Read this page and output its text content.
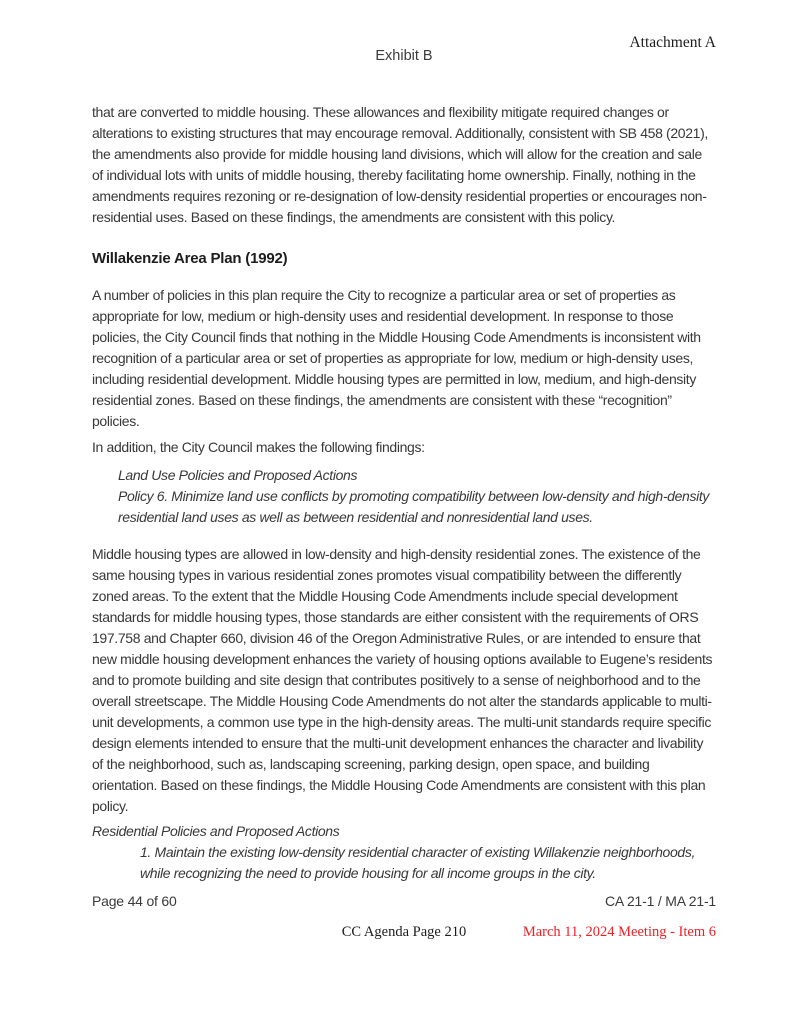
Attachment A
Exhibit B

that are converted to middle housing. These allowances and flexibility mitigate required changes or alterations to existing structures that may encourage removal. Additionally, consistent with SB 458 (2021), the amendments also provide for middle housing land divisions, which will allow for the creation and sale of individual lots with units of middle housing, thereby facilitating home ownership. Finally, nothing in the amendments requires rezoning or re-designation of low-density residential properties or encourages non-residential uses. Based on these findings, the amendments are consistent with this policy.

Willakenzie Area Plan (1992)

A number of policies in this plan require the City to recognize a particular area or set of properties as appropriate for low, medium or high-density uses and residential development. In response to those policies, the City Council finds that nothing in the Middle Housing Code Amendments is inconsistent with recognition of a particular area or set of properties as appropriate for low, medium or high-density uses, including residential development. Middle housing types are permitted in low, medium, and high-density residential zones. Based on these findings, the amendments are consistent with these “recognition” policies.

In addition, the City Council makes the following findings:

Land Use Policies and Proposed Actions

Policy 6. Minimize land use conflicts by promoting compatibility between low-density and high-density residential land uses as well as between residential and nonresidential land uses.

Middle housing types are allowed in low-density and high-density residential zones. The existence of the same housing types in various residential zones promotes visual compatibility between the differently zoned areas. To the extent that the Middle Housing Code Amendments include special development standards for middle housing types, those standards are either consistent with the requirements of ORS 197.758 and Chapter 660, division 46 of the Oregon Administrative Rules, or are intended to ensure that new middle housing development enhances the variety of housing options available to Eugene’s residents and to promote building and site design that contributes positively to a sense of neighborhood and to the overall streetscape. The Middle Housing Code Amendments do not alter the standards applicable to multi-unit developments, a common use type in the high-density areas. The multi-unit standards require specific design elements intended to ensure that the multi-unit development enhances the character and livability of the neighborhood, such as, landscaping screening, parking design, open space, and building orientation. Based on these findings, the Middle Housing Code Amendments are consistent with this plan policy.

Residential Policies and Proposed Actions

1. Maintain the existing low-density residential character of existing Willakenzie neighborhoods, while recognizing the need to provide housing for all income groups in the city.

Page 44 of 60	CA 21-1 / MA 21-1
CC Agenda Page 210	March 11, 2024 Meeting - Item 6
